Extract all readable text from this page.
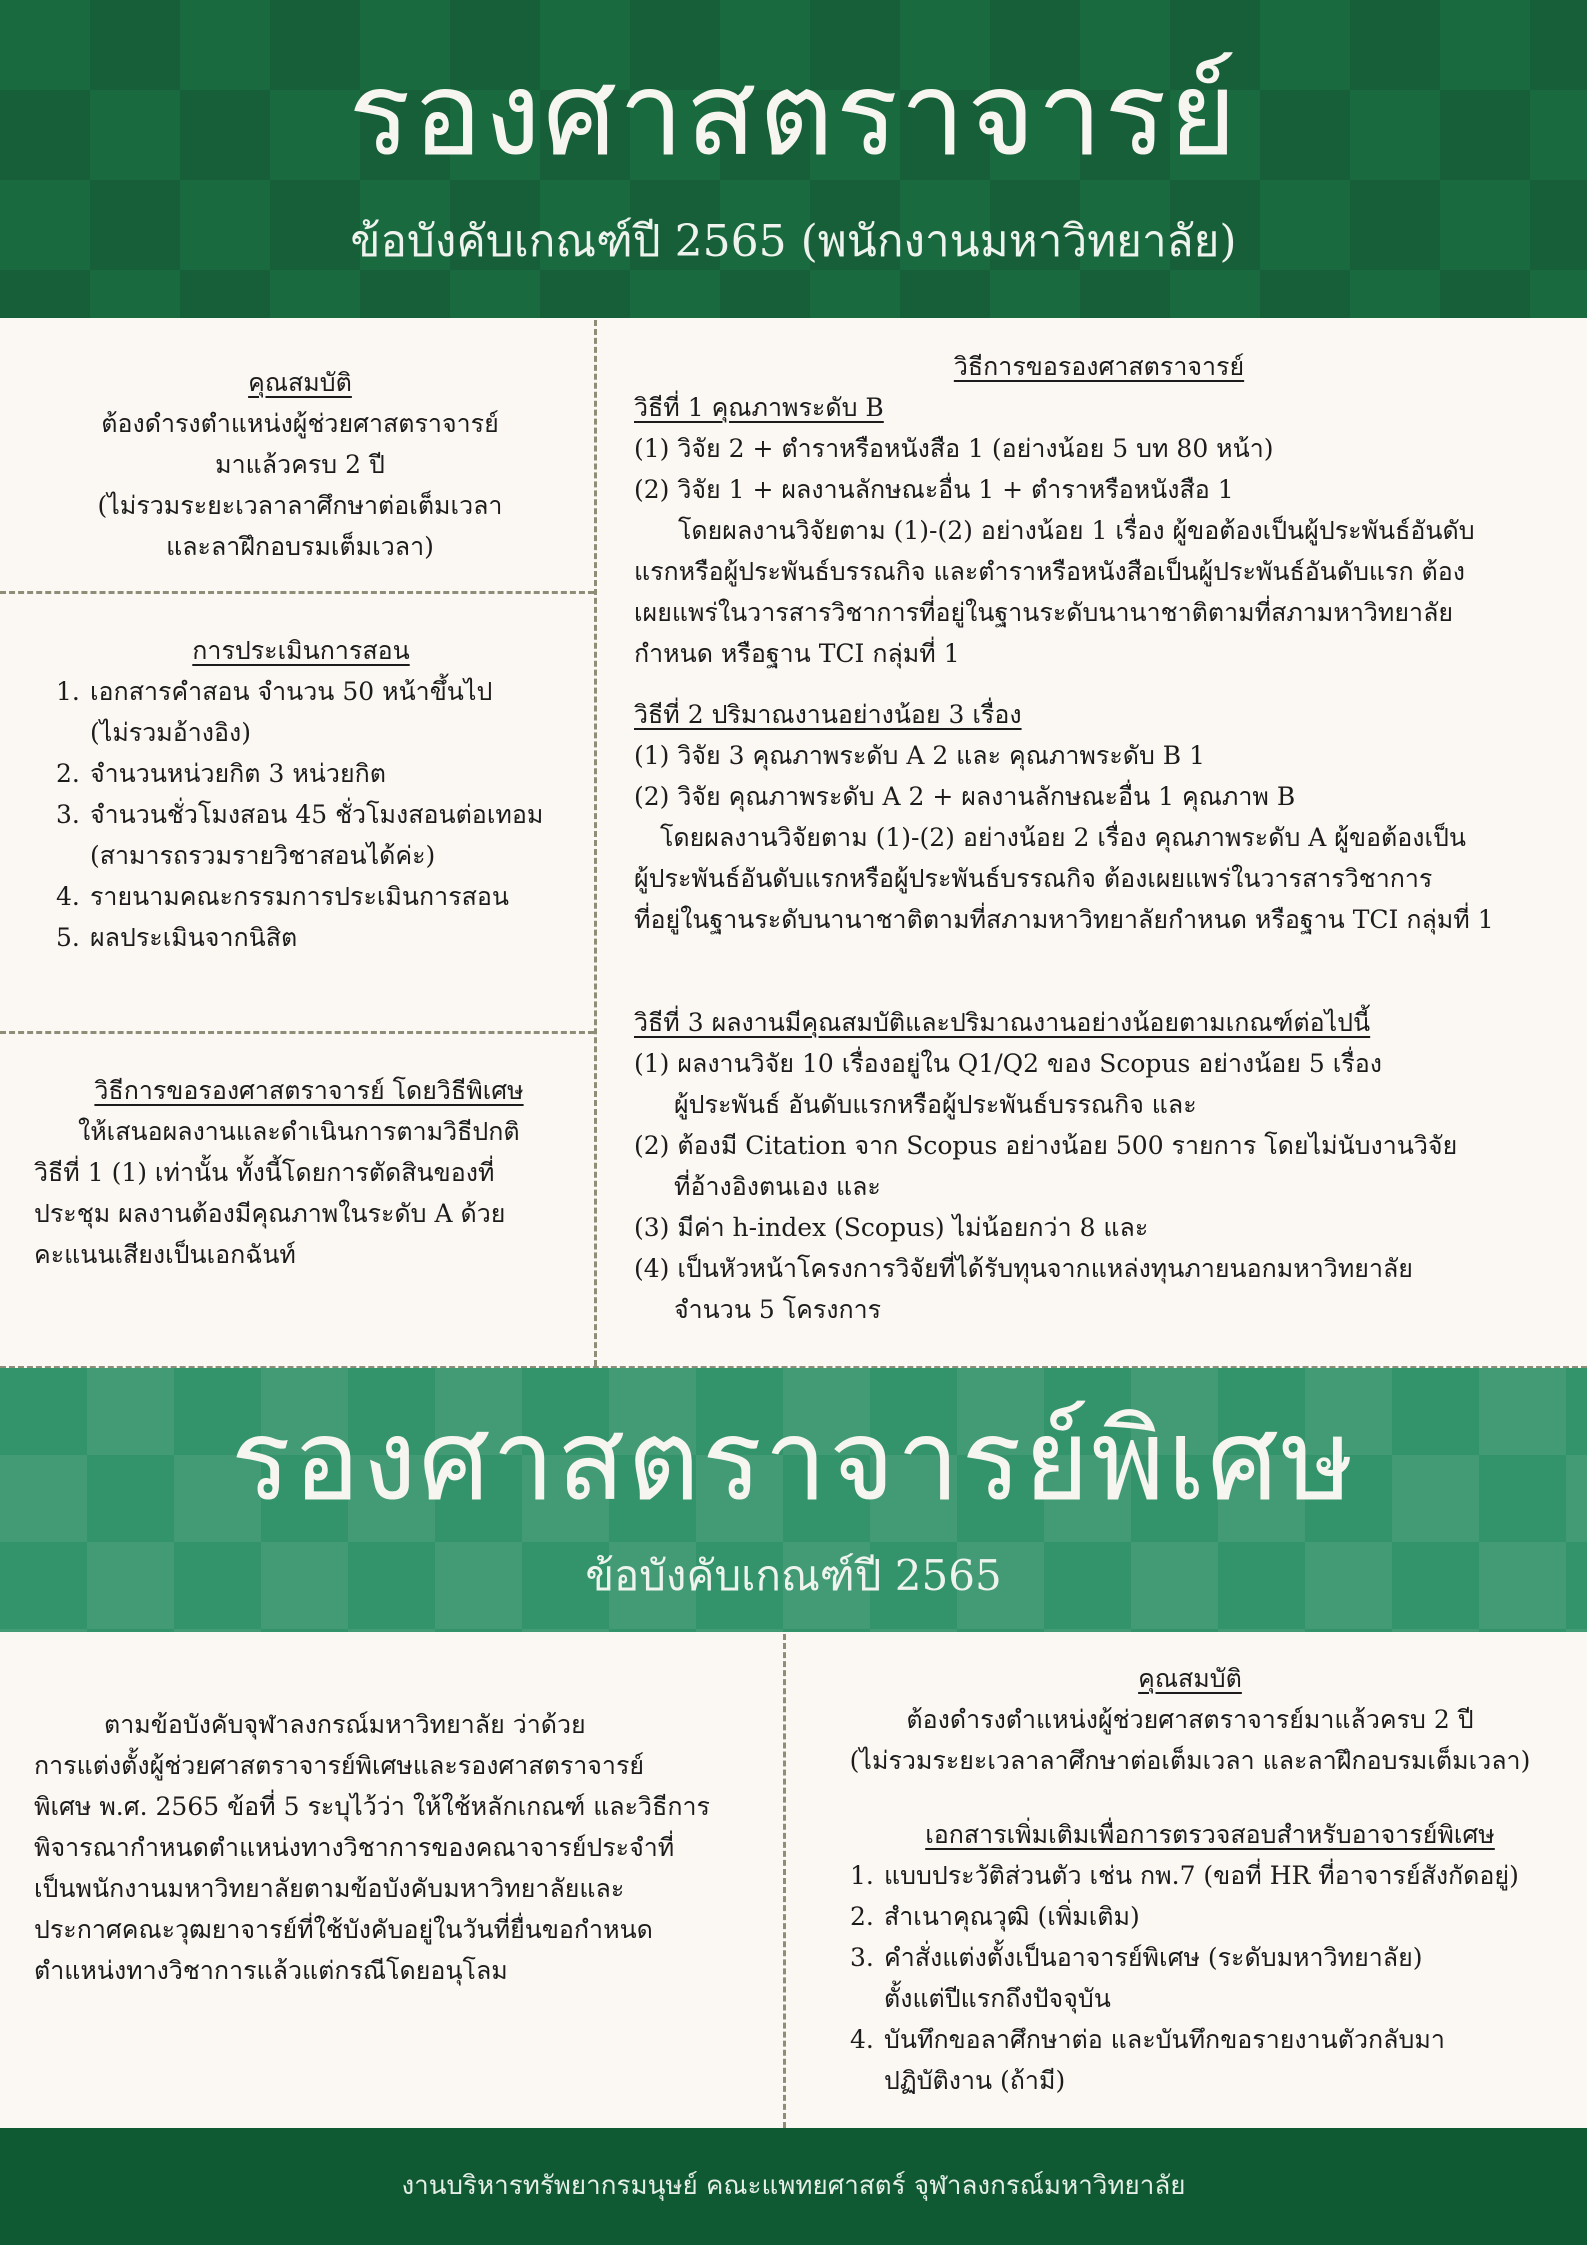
รองศาสตราจารย์

ข้อบังคับเกณฑ์ปี 2565 (พนักงานมหาวิทยาลัย)

คุณสมบัติ

ต้องดำรงตำแหน่งผู้ช่วยศาสตราจารย์

มาแล้วครบ 2 ปี

(ไม่รวมระยะเวลาลาศึกษาต่อเต็มเวลา

และลาฝึกอบรมเต็มเวลา)

การประเมินการสอน

1. เอกสารคำสอน จำนวน 50 หน้าขึ้นไป
(ไม่รวมอ้างอิง)
2. จำนวนหน่วยกิต 3 หน่วยกิต
3. จำนวนชั่วโมงสอน 45 ชั่วโมงสอนต่อเทอม
(สามารถรวมรายวิชาสอนได้ค่ะ)
4. รายนามคณะกรรมการประเมินการสอน
5. ผลประเมินจากนิสิต

วิธีการขอรองศาสตราจารย์ โดยวิธีพิเศษ

ให้เสนอผลงานและดำเนินการตามวิธีปกติ

วิธีที่ 1 (1) เท่านั้น ทั้งนี้โดยการตัดสินของที่

ประชุม ผลงานต้องมีคุณภาพในระดับ A ด้วย

คะแนนเสียงเป็นเอกฉันท์

วิธีการขอรองศาสตราจารย์

วิธีที่ 1 คุณภาพระดับ B

(1) วิจัย 2 + ตำราหรือหนังสือ 1 (อย่างน้อย 5 บท 80 หน้า)

(2) วิจัย 1 + ผลงานลักษณะอื่น 1 + ตำราหรือหนังสือ 1

โดยผลงานวิจัยตาม (1)-(2) อย่างน้อย 1 เรื่อง ผู้ขอต้องเป็นผู้ประพันธ์อันดับ

แรกหรือผู้ประพันธ์บรรณกิจ และตำราหรือหนังสือเป็นผู้ประพันธ์อันดับแรก ต้อง

เผยแพร่ในวารสารวิชาการที่อยู่ในฐานระดับนานาชาติตามที่สภามหาวิทยาลัย

กำหนด หรือฐาน TCI กลุ่มที่ 1

วิธีที่ 2 ปริมาณงานอย่างน้อย 3 เรื่อง

(1) วิจัย 3 คุณภาพระดับ A 2 และ คุณภาพระดับ B 1

(2) วิจัย คุณภาพระดับ A 2 + ผลงานลักษณะอื่น 1 คุณภาพ B

โดยผลงานวิจัยตาม (1)-(2) อย่างน้อย 2 เรื่อง คุณภาพระดับ A ผู้ขอต้องเป็น

ผู้ประพันธ์อันดับแรกหรือผู้ประพันธ์บรรณกิจ ต้องเผยแพร่ในวารสารวิชาการ

ที่อยู่ในฐานระดับนานาชาติตามที่สภามหาวิทยาลัยกำหนด หรือฐาน TCI กลุ่มที่ 1

วิธีที่ 3 ผลงานมีคุณสมบัติและปริมาณงานอย่างน้อยตามเกณฑ์ต่อไปนี้

(1) ผลงานวิจัย 10 เรื่องอยู่ใน Q1/Q2 ของ Scopus อย่างน้อย 5 เรื่อง

ผู้ประพันธ์ อันดับแรกหรือผู้ประพันธ์บรรณกิจ และ

(2) ต้องมี Citation จาก Scopus อย่างน้อย 500 รายการ โดยไม่นับงานวิจัย

ที่อ้างอิงตนเอง และ

(3) มีค่า h-index (Scopus) ไม่น้อยกว่า 8 และ

(4) เป็นหัวหน้าโครงการวิจัยที่ได้รับทุนจากแหล่งทุนภายนอกมหาวิทยาลัย

จำนวน 5 โครงการ

รองศาสตราจารย์พิเศษ

ข้อบังคับเกณฑ์ปี 2565

ตามข้อบังคับจุฬาลงกรณ์มหาวิทยาลัย ว่าด้วย

การแต่งตั้งผู้ช่วยศาสตราจารย์พิเศษและรองศาสตราจารย์

พิเศษ พ.ศ. 2565 ข้อที่ 5 ระบุไว้ว่า ให้ใช้หลักเกณฑ์ และวิธีการ

พิจารณากำหนดตำแหน่งทางวิชาการของคณาจารย์ประจำที่

เป็นพนักงานมหาวิทยาลัยตามข้อบังคับมหาวิทยาลัยและ

ประกาศคณะวุฒยาจารย์ที่ใช้บังคับอยู่ในวันที่ยื่นขอกำหนด

ตำแหน่งทางวิชาการแล้วแต่กรณีโดยอนุโลม

คุณสมบัติ

ต้องดำรงตำแหน่งผู้ช่วยศาสตราจารย์มาแล้วครบ 2 ปี

(ไม่รวมระยะเวลาลาศึกษาต่อเต็มเวลา และลาฝึกอบรมเต็มเวลา)

เอกสารเพิ่มเติมเพื่อการตรวจสอบสำหรับอาจารย์พิเศษ

1. แบบประวัติส่วนตัว เช่น กพ.7 (ขอที่ HR ที่อาจารย์สังกัดอยู่)
2. สำเนาคุณวุฒิ (เพิ่มเติม)
3. คำสั่งแต่งตั้งเป็นอาจารย์พิเศษ (ระดับมหาวิทยาลัย)
ตั้งแต่ปีแรกถึงปัจจุบัน
4. บันทึกขอลาศึกษาต่อ และบันทึกขอรายงานตัวกลับมา
ปฏิบัติงาน (ถ้ามี)

งานบริหารทรัพยากรมนุษย์ คณะแพทยศาสตร์ จุฬาลงกรณ์มหาวิทยาลัย
